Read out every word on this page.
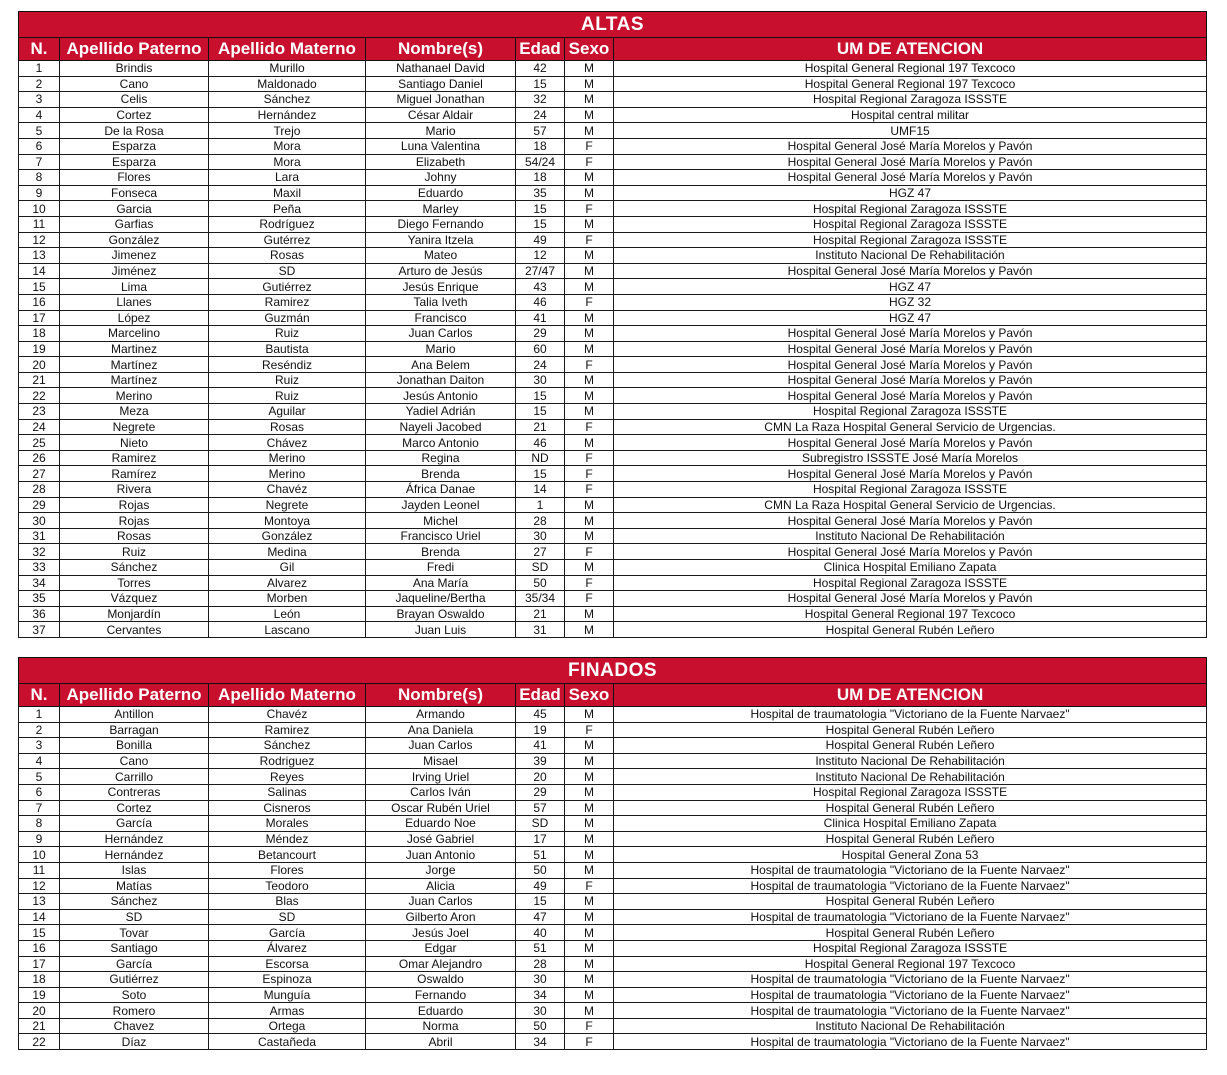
ALTAS						
N.	Apellido Paterno	Apellido Materno	Nombre(s)	Edad	Sexo	UM DE ATENCION
1	Brindis	Murillo	Nathanael David	42	M	Hospital General Regional 197 Texcoco
2	Cano	Maldonado	Santiago Daniel	15	M	Hospital General Regional 197 Texcoco
3	Celis	Sánchez	Miguel Jonathan	32	M	Hospital Regional Zaragoza ISSSTE
4	Cortez	Hernández	César Aldair	24	M	Hospital central militar
5	De la Rosa	Trejo	Mario	57	M	UMF15
6	Esparza	Mora	Luna Valentina	18	F	Hospital General José María Morelos y Pavón
7	Esparza	Mora	Elizabeth	54/24	F	Hospital General José María Morelos y Pavón
8	Flores	Lara	Johny	18	M	Hospital General José María Morelos y Pavón
9	Fonseca	Maxil	Eduardo	35	M	HGZ 47
10	Garcia	Peña	Marley	15	F	Hospital Regional Zaragoza ISSSTE
11	Garfias	Rodríguez	Diego Fernando	15	M	Hospital Regional Zaragoza ISSSTE
12	González	Gutérrez	Yanira Itzela	49	F	Hospital Regional Zaragoza ISSSTE
13	Jimenez	Rosas	Mateo	12	M	Instituto Nacional De Rehabilitación
14	Jiménez	SD	Arturo de Jesús	27/47	M	Hospital General José María Morelos y Pavón
15	Lima	Gutiérrez	Jesús Enrique	43	M	HGZ 47
16	Llanes	Ramirez	Talia Iveth	46	F	HGZ 32
17	López	Guzmán	Francisco	41	M	HGZ 47
18	Marcelino	Ruiz	Juan Carlos	29	M	Hospital General José María Morelos y Pavón
19	Martinez	Bautista	Mario	60	M	Hospital General José María Morelos y Pavón
20	Martínez	Reséndiz	Ana Belem	24	F	Hospital General José María Morelos y Pavón
21	Martínez	Ruiz	Jonathan Daiton	30	M	Hospital General José María Morelos y Pavón
22	Merino	Ruiz	Jesús Antonio	15	M	Hospital General José María Morelos y Pavón
23	Meza	Aguilar	Yadiel Adrián	15	M	Hospital Regional Zaragoza ISSSTE
24	Negrete	Rosas	Nayeli Jacobed	21	F	CMN La Raza Hospital General Servicio de Urgencias.
25	Nieto	Chávez	Marco Antonio	46	M	Hospital General José María Morelos y Pavón
26	Ramirez	Merino	Regina	ND	F	Subregistro ISSSTE José María Morelos
27	Ramírez	Merino	Brenda	15	F	Hospital General José María Morelos y Pavón
28	Rivera	Chavéz	África Danae	14	F	Hospital Regional Zaragoza ISSSTE
29	Rojas	Negrete	Jayden Leonel	1	M	CMN La Raza Hospital General Servicio de Urgencias.
30	Rojas	Montoya	Michel	28	M	Hospital General José María Morelos y Pavón
31	Rosas	González	Francisco Uriel	30	M	Instituto Nacional De Rehabilitación
32	Ruiz	Medina	Brenda	27	F	Hospital General José María Morelos y Pavón
33	Sánchez	Gil	Fredi	SD	M	Clinica Hospital Emiliano Zapata
34	Torres	Alvarez	Ana María	50	F	Hospital Regional Zaragoza ISSSTE
35	Vázquez	Morben	Jaqueline/Bertha	35/34	F	Hospital General José María Morelos y Pavón
36	Monjardín	León	Brayan Oswaldo	21	M	Hospital General Regional 197 Texcoco
37	Cervantes	Lascano	Juan Luis	31	M	Hospital General Rubén Leñero
FINADOS						
N.	Apellido Paterno	Apellido Materno	Nombre(s)	Edad	Sexo	UM DE ATENCION
1	Antillon	Chavéz	Armando	45	M	Hospital de traumatologia "Victoriano de la Fuente Narvaez"
2	Barragan	Ramirez	Ana Daniela	19	F	Hospital General Rubén Leñero
3	Bonilla	Sánchez	Juan Carlos	41	M	Hospital General Rubén Leñero
4	Cano	Rodriguez	Misael	39	M	Instituto Nacional De Rehabilitación
5	Carrillo	Reyes	Irving Uriel	20	M	Instituto Nacional De Rehabilitación
6	Contreras	Salinas	Carlos Iván	29	M	Hospital Regional Zaragoza ISSSTE
7	Cortez	Cisneros	Oscar Rubén Uriel	57	M	Hospital General Rubén Leñero
8	García	Morales	Eduardo Noe	SD	M	Clinica Hospital Emiliano Zapata
9	Hernández	Méndez	José Gabriel	17	M	Hospital General Rubén Leñero
10	Hernández	Betancourt	Juan Antonio	51	M	Hospital General Zona 53
11	Islas	Flores	Jorge	50	M	Hospital de traumatologia "Victoriano de la Fuente Narvaez"
12	Matías	Teodoro	Alicia	49	F	Hospital de traumatologia "Victoriano de la Fuente Narvaez"
13	Sánchez	Blas	Juan Carlos	15	M	Hospital General Rubén Leñero
14	SD	SD	Gilberto Aron	47	M	Hospital de traumatologia "Victoriano de la Fuente Narvaez"
15	Tovar	García	Jesús Joel	40	M	Hospital General Rubén Leñero
16	Santiago	Álvarez	Edgar	51	M	Hospital Regional Zaragoza ISSSTE
17	García	Escorsa	Omar Alejandro	28	M	Hospital General Regional 197 Texcoco
18	Gutiérrez	Espinoza	Oswaldo	30	M	Hospital de traumatologia "Victoriano de la Fuente Narvaez"
19	Soto	Munguía	Fernando	34	M	Hospital de traumatologia "Victoriano de la Fuente Narvaez"
20	Romero	Armas	Eduardo	30	M	Hospital de traumatologia "Victoriano de la Fuente Narvaez"
21	Chavez	Ortega	Norma	50	F	Instituto Nacional De Rehabilitación
22	Díaz	Castañeda	Abril	34	F	Hospital de traumatologia "Victoriano de la Fuente Narvaez"
